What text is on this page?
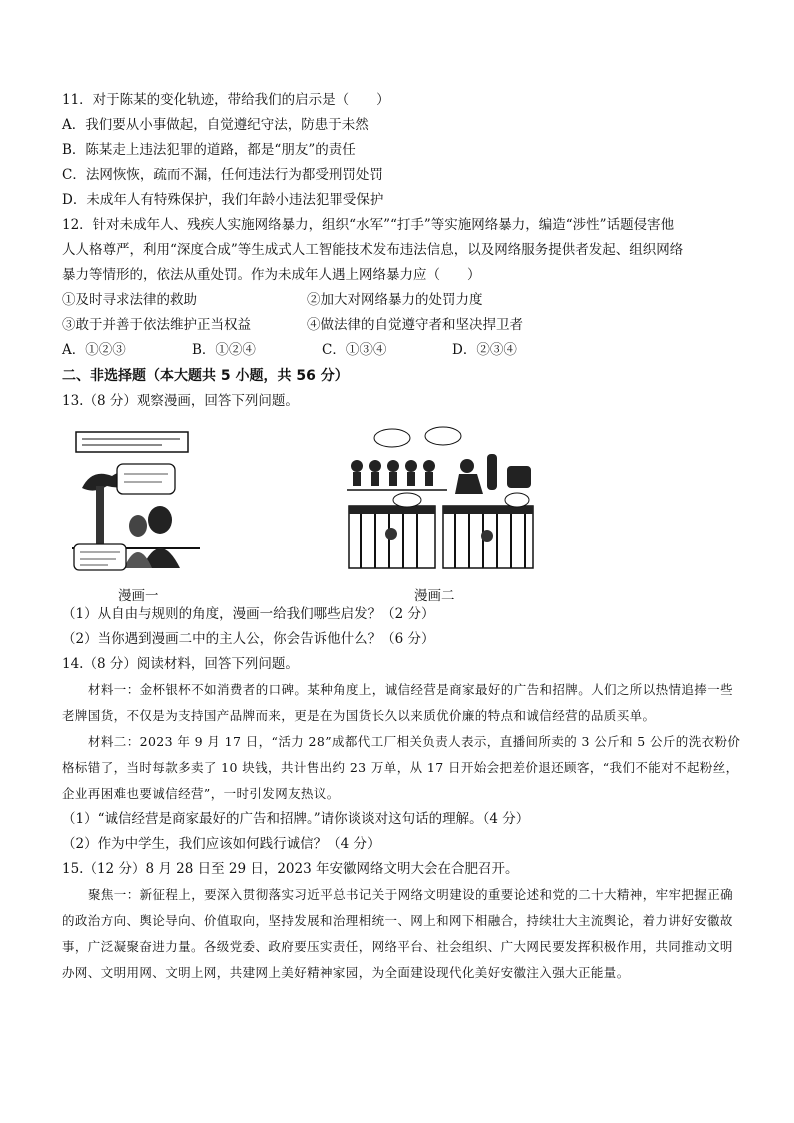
11．对于陈某的变化轨迹，带给我们的启示是（　　）
A．我们要从小事做起，自觉遵纪守法，防患于未然
B．陈某走上违法犯罪的道路，都是“朋友”的责任
C．法网恢恢，疏而不漏，任何违法行为都受刑罚处罚
D．未成年人有特殊保护，我们年龄小违法犯罪受保护
12．针对未成年人、残疾人实施网络暴力，组织“水军”“打手”等实施网络暴力，编造“涉性”话题侵害他
人人格尊严，利用“深度合成”等生成式人工智能技术发布违法信息，以及网络服务提供者发起、组织网络
暴力等情形的，依法从重处罚。作为未成年人遇上网络暴力应（　　）
①及时寻求法律的救助	②加大对网络暴力的处罚力度
③敢于并善于依法维护正当权益	④做法律的自觉遵守者和坚决捍卫者
A．①②③	B．①②④	C．①③④	D．②③④
二、非选择题（本大题共 5 小题，共 56 分）
13.（8 分）观察漫画，回答下列问题。
漫画一	漫画二
（1）从自由与规则的角度，漫画一给我们哪些启发？（2 分）
（2）当你遇到漫画二中的主人公，你会告诉他什么？（6 分）
14.（8 分）阅读材料，回答下列问题。
材料一：金杯银杯不如消费者的口碑。某种角度上，诚信经营是商家最好的广告和招牌。人们之所以热情追捧一些老牌国货，不仅是为支持国产品牌而来，更是在为国货长久以来质优价廉的特点和诚信经营的品质买单。
材料二：2023 年 9 月 17 日，“活力 28”成都代工厂相关负责人表示，直播间所卖的 3 公斤和 5 公斤的洗衣粉价格标错了，当时每款多卖了 10 块钱，共计售出约 23 万单，从 17 日开始会把差价退还顾客，“我们不能对不起粉丝，企业再困难也要诚信经营”，一时引发网友热议。
（1）“诚信经营是商家最好的广告和招牌。”请你谈谈对这句话的理解。（4 分）
（2）作为中学生，我们应该如何践行诚信？（4 分）
15.（12 分）8 月 28 日至 29 日，2023 年安徽网络文明大会在合肥召开。
聚焦一：新征程上，要深入贯彻落实习近平总书记关于网络文明建设的重要论述和党的二十大精神，牢牢把握正确的政治方向、舆论导向、价值取向，坚持发展和治理相统一、网上和网下相融合，持续壮大主流舆论，着力讲好安徽故事，广泛凝聚奋进力量。各级党委、政府要压实责任，网络平台、社会组织、广大网民要发挥积极作用，共同推动文明办网、文明用网、文明上网，共建网上美好精神家园，为全面建设现代化美好安徽注入强大正能量。
